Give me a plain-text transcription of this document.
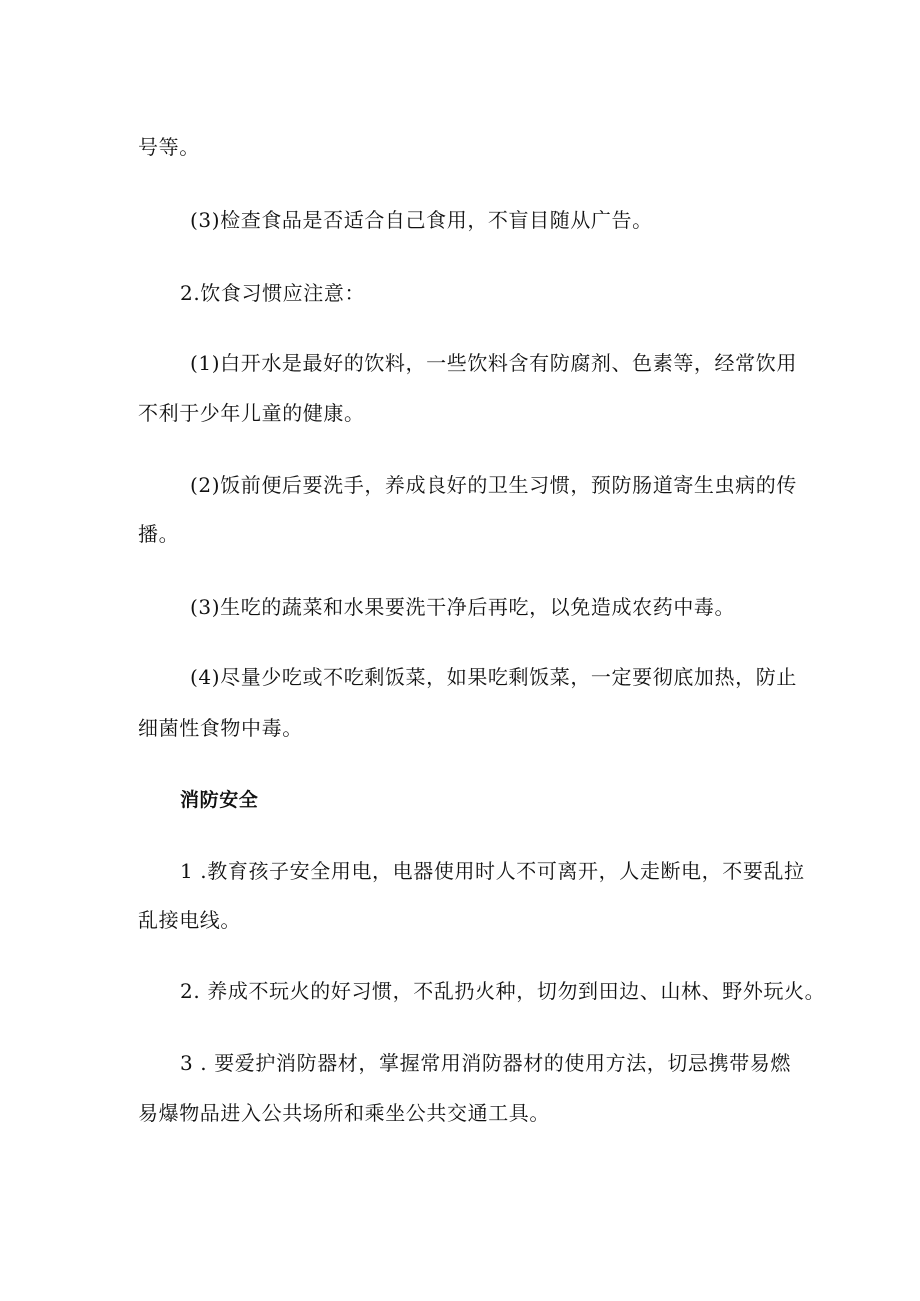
号等。
(3)检查食品是否适合自己食用，不盲目随从广告。
2.饮食习惯应注意：
(1)白开水是最好的饮料，一些饮料含有防腐剂、色素等，经常饮用
不利于少年儿童的健康。
(2)饭前便后要洗手，养成良好的卫生习惯，预防肠道寄生虫病的传
播。
(3)生吃的蔬菜和水果要洗干净后再吃，以免造成农药中毒。
(4)尽量少吃或不吃剩饭菜，如果吃剩饭菜，一定要彻底加热，防止
细菌性食物中毒。
消防安全
1 .教育孩子安全用电，电器使用时人不可离开，人走断电，不要乱拉
乱接电线。
2. 养成不玩火的好习惯，不乱扔火种，切勿到田边、山林、野外玩火。
3 . 要爱护消防器材，掌握常用消防器材的使用方法，切忌携带易燃
易爆物品进入公共场所和乘坐公共交通工具。
